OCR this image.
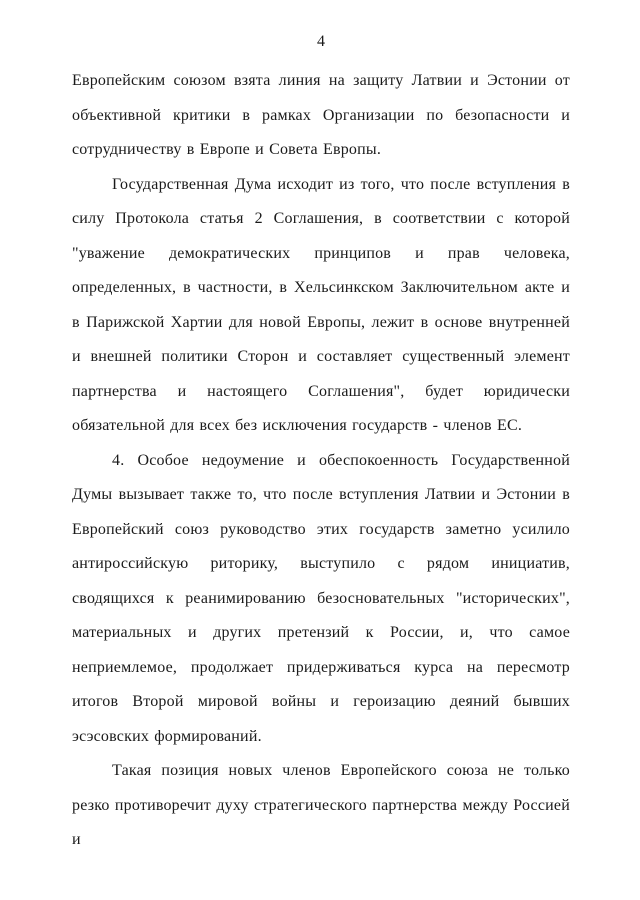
4

Европейским союзом взята линия на защиту Латвии и Эстонии от объективной критики в рамках Организации по безопасности и сотрудничеству в Европе и Совета Европы.

Государственная Дума исходит из того, что после вступления в силу Протокола статья 2 Соглашения, в соответствии с которой "уважение демократических принципов и прав человека, определенных, в частности, в Хельсинкском Заключительном акте и в Парижской Хартии для новой Европы, лежит в основе внутренней и внешней политики Сторон и составляет существенный элемент партнерства и настоящего Соглашения", будет юридически обязательной для всех без исключения государств - членов ЕС.

4. Особое недоумение и обеспокоенность Государственной Думы вызывает также то, что после вступления Латвии и Эстонии в Европейский союз руководство этих государств заметно усилило антироссийскую риторику, выступило с рядом инициатив, сводящихся к реанимированию безосновательных "исторических", материальных и других претензий к России, и, что самое неприемлемое, продолжает придерживаться курса на пересмотр итогов Второй мировой войны и героизацию деяний бывших эсэсовских формирований.

Такая позиция новых членов Европейского союза не только резко противоречит духу стратегического партнерства между Россией и
